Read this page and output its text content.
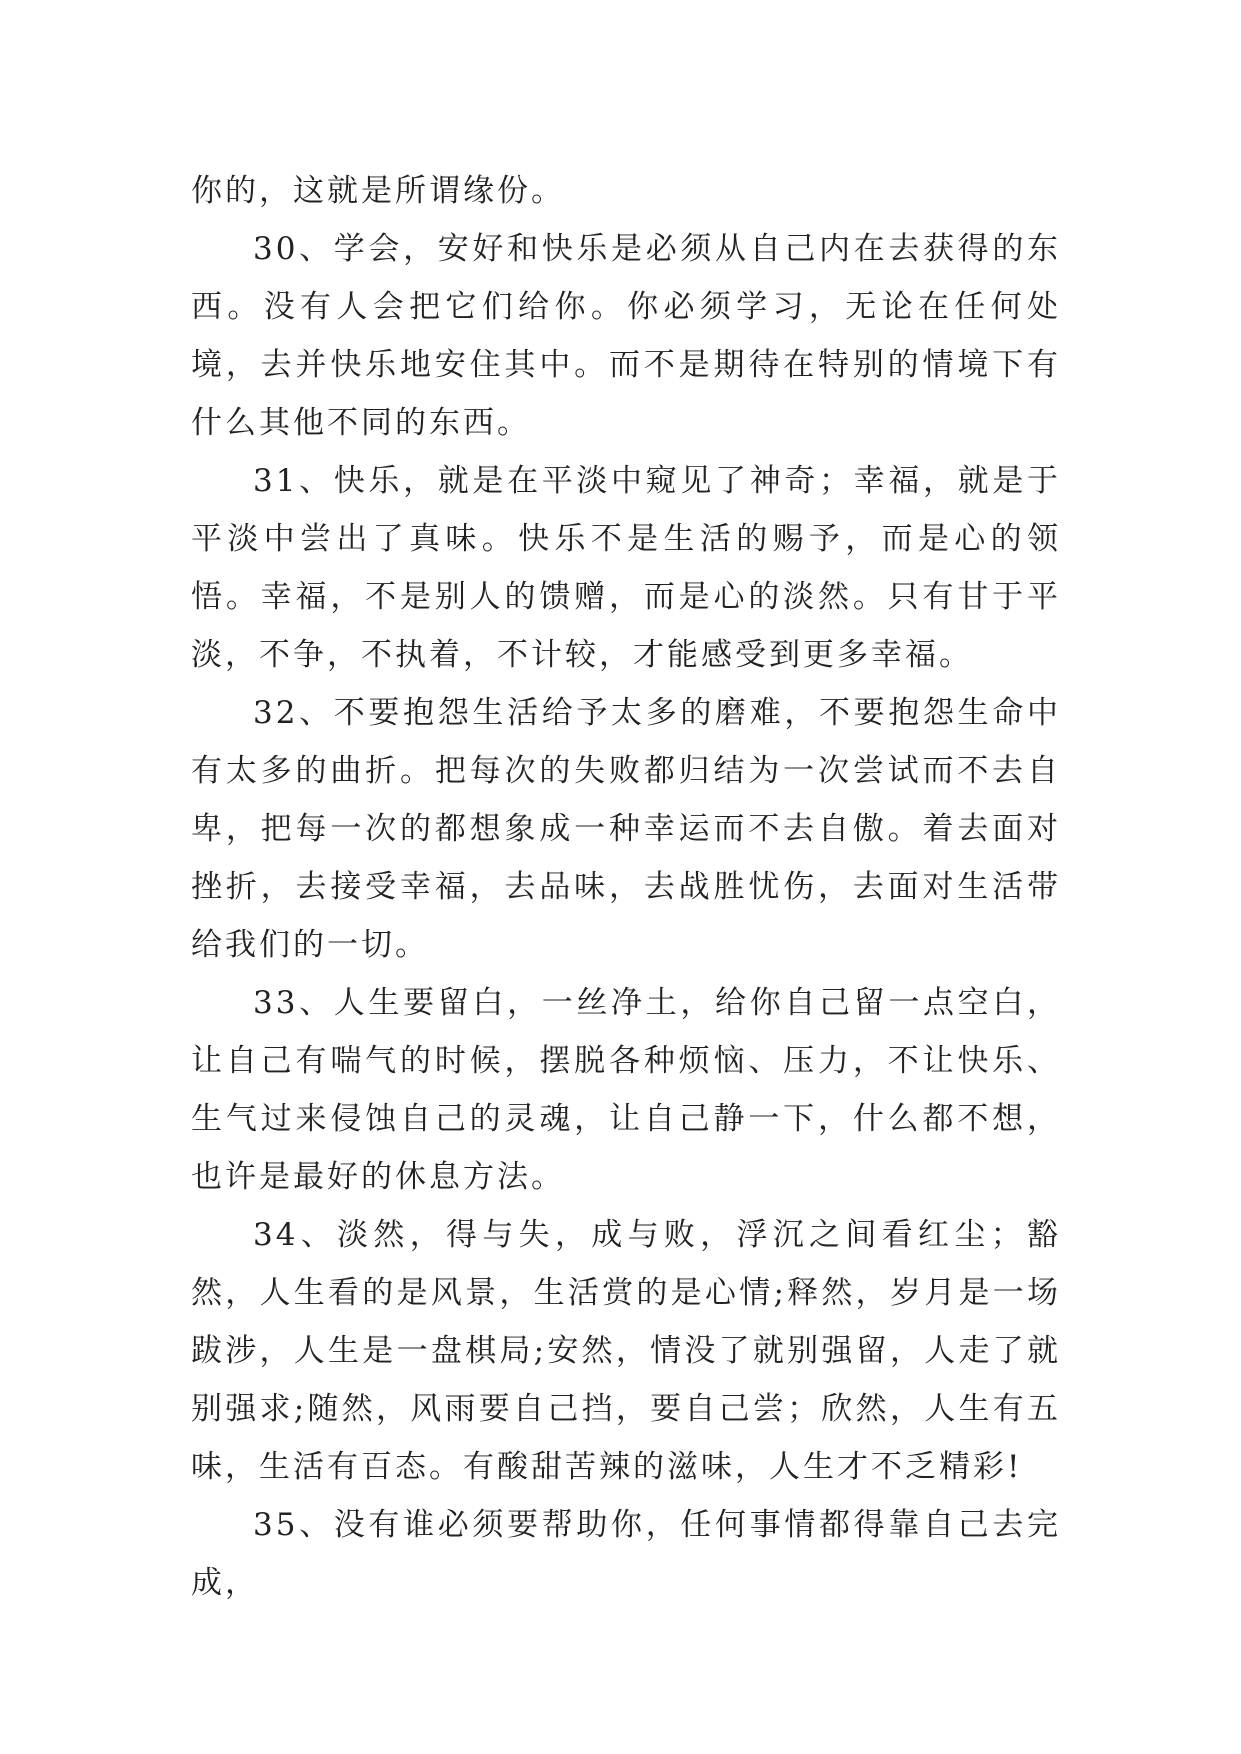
你的，这就是所谓缘份。

30、学会，安好和快乐是必须从自己内在去获得的东西。没有人会把它们给你。你必须学习，无论在任何处境，去并快乐地安住其中。而不是期待在特别的情境下有什么其他不同的东西。

31、快乐，就是在平淡中窥见了神奇；幸福，就是于平淡中尝出了真味。快乐不是生活的赐予，而是心的领悟。幸福，不是别人的馈赠，而是心的淡然。只有甘于平淡，不争，不执着，不计较，才能感受到更多幸福。

32、不要抱怨生活给予太多的磨难，不要抱怨生命中有太多的曲折。把每次的失败都归结为一次尝试而不去自卑，把每一次的都想象成一种幸运而不去自傲。着去面对挫折，去接受幸福，去品味，去战胜忧伤，去面对生活带给我们的一切。

33、人生要留白，一丝净土，给你自己留一点空白，让自己有喘气的时候，摆脱各种烦恼、压力，不让快乐、生气过来侵蚀自己的灵魂，让自己静一下，什么都不想，也许是最好的休息方法。

34、淡然，得与失，成与败，浮沉之间看红尘；豁然，人生看的是风景，生活赏的是心情;释然，岁月是一场跋涉，人生是一盘棋局;安然，情没了就别强留，人走了就别强求;随然，风雨要自己挡，要自己尝；欣然，人生有五味，生活有百态。有酸甜苦辣的滋味，人生才不乏精彩!

35、没有谁必须要帮助你，任何事情都得靠自己去完成，
